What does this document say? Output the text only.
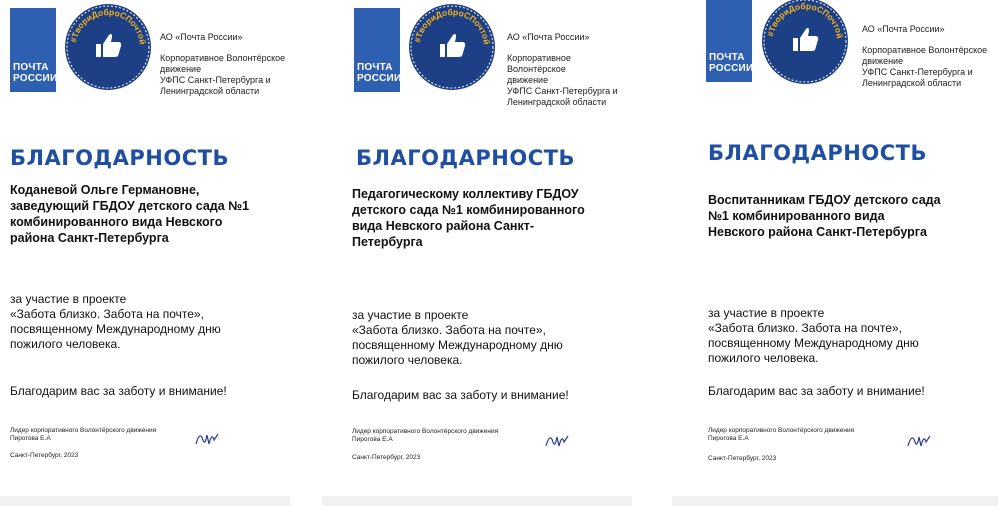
ПОЧТА
РОССИИ
#ТвориДоброСПочтой АО «Почта России»
Корпоративное Волонтёрское
движение
УФПС Санкт-Петербурга и
Ленинградской области
БЛАГОДАРНОСТЬ
Коданевой Ольге Германовне,
заведующий ГБДОУ детского сада №1
комбинированного вида Невского
района Санкт-Петербурга
за участие в проекте
«Забота близко. Забота на почте»,
посвященному Международному дню
пожилого человека.
Благодарим вас за заботу и внимание!
Лидер корпоративного Волонтёрского движения
Пирогова Е.А
Санкт-Петербург, 2023
ПОЧТА
РОССИИ
#ТвориДоброСПочтой АО «Почта России»
Корпоративное Волонтёрское
движение
УФПС Санкт-Петербурга и
Ленинградской области
БЛАГОДАРНОСТЬ
Педагогическому коллективу ГБДОУ
детского сада №1 комбинированного
вида Невского района Санкт-
Петербурга
за участие в проекте
«Забота близко. Забота на почте»,
посвященному Международному дню
пожилого человека.
Благодарим вас за заботу и внимание!
Лидер корпоративного Волонтёрского движения
Пирогова Е.А
Санкт-Петербург, 2023
ПОЧТА
РОССИИ
#ТвориДоброСПочтой
АО «Почта России»
Корпоративное Волонтёрское
движение
УФПС Санкт-Петербурга и
Ленинградской области
БЛАГОДАРНОСТЬ
Воспитанникам ГБДОУ детского сада
№1 комбинированного вида
Невского района Санкт-Петербурга
за участие в проекте
«Забота близко. Забота на почте»,
посвященному Международному дню
пожилого человека.
Благодарим вас за заботу и внимание!
Лидер корпоративного Волонтёрского движения
Пирогова Е.А
Санкт-Петербург, 2023
